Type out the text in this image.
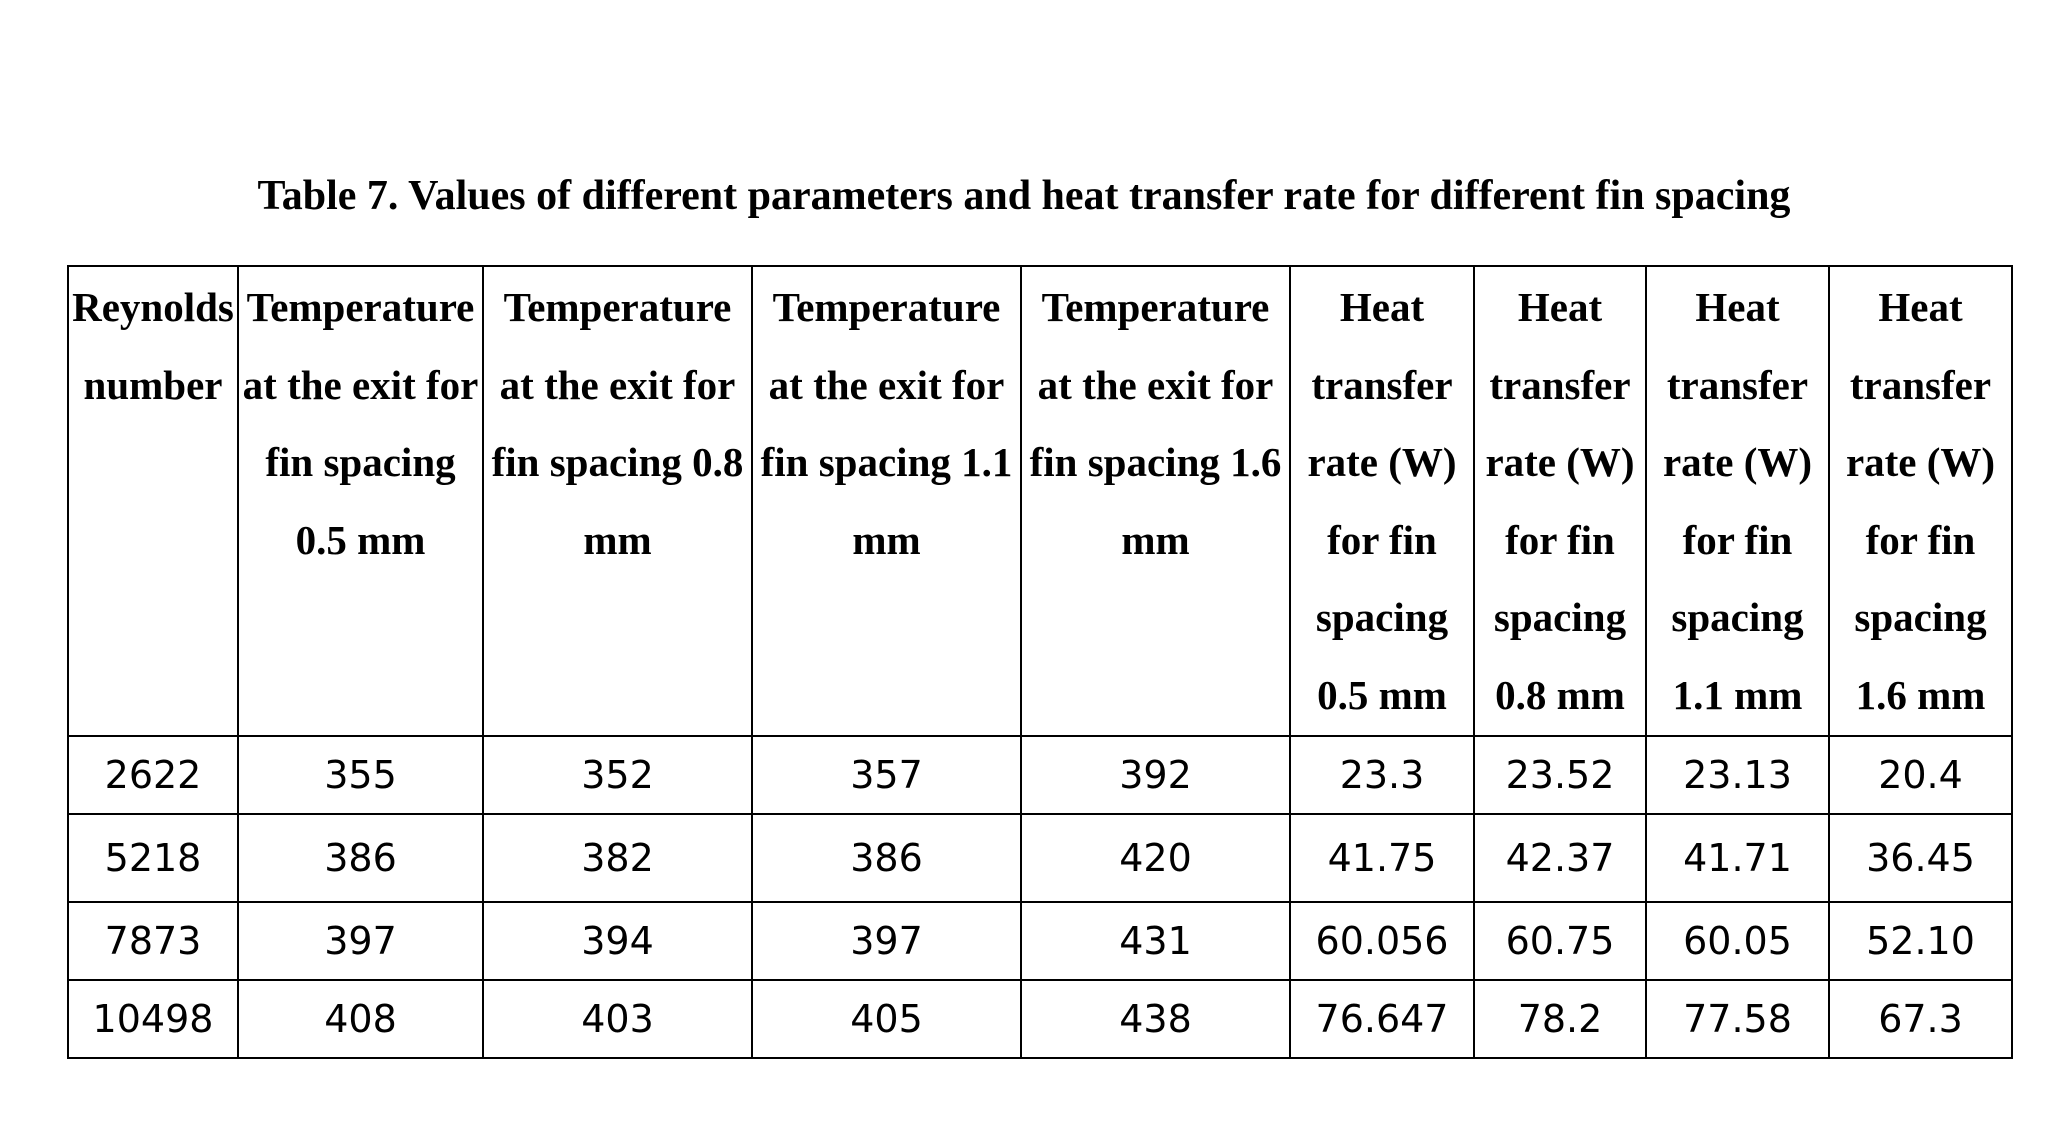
Table 7. Values of different parameters and heat transfer rate for different fin spacing
Reynolds number	Temperature at the exit for fin spacing 0.5 mm	Temperature at the exit for fin spacing 0.8 mm	Temperature at the exit for fin spacing 1.1 mm	Temperature at the exit for fin spacing 1.6 mm	Heat transfer rate (W) for fin spacing 0.5 mm	Heat transfer rate (W) for fin spacing 0.8 mm	Heat transfer rate (W) for fin spacing 1.1 mm	Heat transfer rate (W) for fin spacing 1.6 mm

2622	355	352	357	392	23.3	23.52	23.13	20.4
5218	386	382	386	420	41.75	42.37	41.71	36.45
7873	397	394	397	431	60.056	60.75	60.05	52.10
10498	408	403	405	438	76.647	78.2	77.58	67.3
